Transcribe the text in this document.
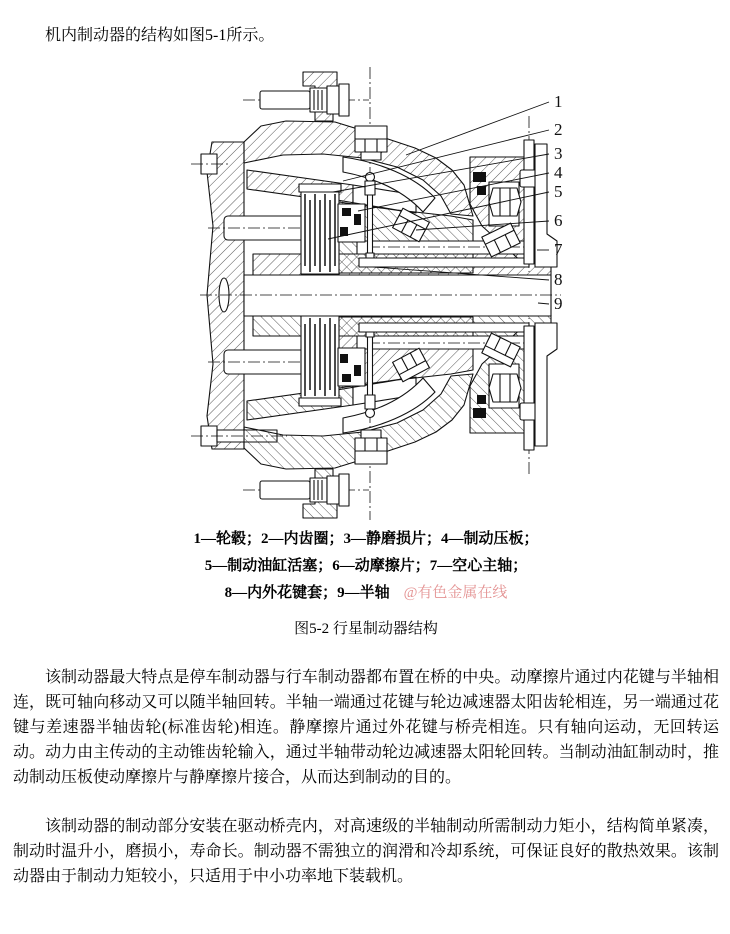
机内制动器的结构如图5-1所示。

1
2
3
4
5
6
7
8
9
1—轮毂；2—内齿圈；3—静磨损片；4—制动压板；
5—制动油缸活塞；6—动摩擦片；7—空心主轴；
8—内外花键套；9—半轴 @有色金属在线
图5-2 行星制动器结构

该制动器最大特点是停车制动器与行车制动器都布置在桥的中央。动摩擦片通过内花键与半轴相连，既可轴向移动又可以随半轴回转。半轴一端通过花键与轮边减速器太阳齿轮相连，另一端通过花键与差速器半轴齿轮(标准齿轮)相连。静摩擦片通过外花键与桥壳相连。只有轴向运动，无回转运动。动力由主传动的主动锥齿轮输入，通过半轴带动轮边减速器太阳轮回转。当制动油缸制动时，推动制动压板使动摩擦片与静摩擦片接合，从而达到制动的目的。

该制动器的制动部分安装在驱动桥壳内，对高速级的半轴制动所需制动力矩小，结构简单紧凑，制动时温升小，磨损小，寿命长。制动器不需独立的润滑和冷却系统，可保证良好的散热效果。该制动器由于制动力矩较小，只适用于中小功率地下装载机。
